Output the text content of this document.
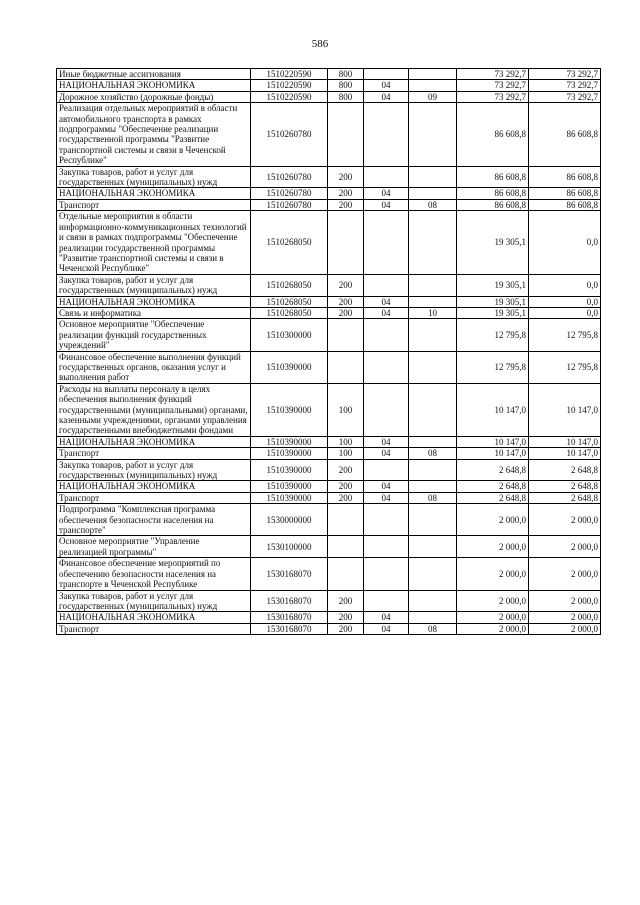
586
Иные бюджетные ассигнования	1510220590	800			73 292,7	73 292,7
НАЦИОНАЛЬНАЯ ЭКОНОМИКА	1510220590	800	04		73 292,7	73 292,7
Дорожное хозяйство (дорожные фонды)	1510220590	800	04	09	73 292,7	73 292,7
Реализация отдельных мероприятий в области автомобильного транспорта в рамках подпрограммы "Обеспечение реализации государственной программы "Развитие транспортной системы и связи в Чеченской Республике"	1510260780				86 608,8	86 608,8
Закупка товаров, работ и услуг для государственных (муниципальных) нужд	1510260780	200			86 608,8	86 608,8
НАЦИОНАЛЬНАЯ ЭКОНОМИКА	1510260780	200	04		86 608,8	86 608,8
Транспорт	1510260780	200	04	08	86 608,8	86 608,8
Отдельные мероприятия в области информационно-коммуникационных технологий и связи в рамках подпрограммы "Обеспечение реализации государственной программы "Развитие транспортной системы и связи в Чеченской Республике"	1510268050				19 305,1	0,0
Закупка товаров, работ и услуг для государственных (муниципальных) нужд	1510268050	200			19 305,1	0,0
НАЦИОНАЛЬНАЯ ЭКОНОМИКА	1510268050	200	04		19 305,1	0,0
Связь и информатика	1510268050	200	04	10	19 305,1	0,0
Основное мероприятие "Обеспечение реализации функций государственных учреждений"	1510300000				12 795,8	12 795,8
Финансовое обеспечение выполнения функций государственных органов, оказания услуг и выполнения работ	1510390000				12 795,8	12 795,8
Расходы на выплаты персоналу в целях обеспечения выполнения функций государственными (муниципальными) органами, казенными учреждениями, органами управления государственными внебюджетными фондами	1510390000	100			10 147,0	10 147,0
НАЦИОНАЛЬНАЯ ЭКОНОМИКА	1510390000	100	04		10 147,0	10 147,0
Транспорт	1510390000	100	04	08	10 147,0	10 147,0
Закупка товаров, работ и услуг для государственных (муниципальных) нужд	1510390000	200			2 648,8	2 648,8
НАЦИОНАЛЬНАЯ ЭКОНОМИКА	1510390000	200	04		2 648,8	2 648,8
Транспорт	1510390000	200	04	08	2 648,8	2 648,8
Подпрограмма "Комплексная программа обеспечения безопасности населения на транспорте"	1530000000				2 000,0	2 000,0
Основное мероприятие "Управление реализацией программы"	1530100000				2 000,0	2 000,0
Финансовое обеспечение мероприятий по обеспечению безопасности населения на транспорте в Чеченской Республике	1530168070				2 000,0	2 000,0
Закупка товаров, работ и услуг для государственных (муниципальных) нужд	1530168070	200			2 000,0	2 000,0
НАЦИОНАЛЬНАЯ ЭКОНОМИКА	1530168070	200	04		2 000,0	2 000,0
Транспорт	1530168070	200	04	08	2 000,0	2 000,0
